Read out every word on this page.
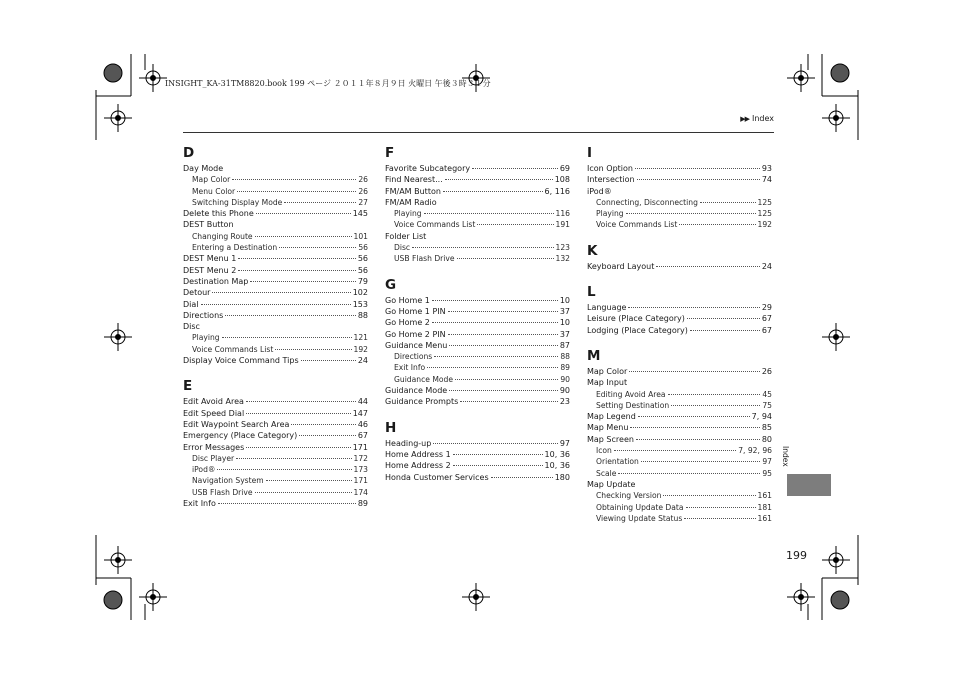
INSIGHT_KA-31TM8820.book 199 ページ ２０１１年８月９日 火曜日 午後３時３１分
▶▶ Index
D
Day Mode
Map Color	26
Menu Color	26
Switching Display Mode	27
Delete this Phone	145
DEST Button
Changing Route	101
Entering a Destination	56
DEST Menu 1	56
DEST Menu 2	56
Destination Map	79
Detour	102
Dial	153
Directions	88
Disc
Playing	121
Voice Commands List	192
Display Voice Command Tips	24
E
Edit Avoid Area	44
Edit Speed Dial	147
Edit Waypoint Search Area	46
Emergency (Place Category)	67
Error Messages	171
Disc Player	172
iPod®	173
Navigation System	171
USB Flash Drive	174
Exit Info	89
F
Favorite Subcategory	69
Find Nearest...	108
FM/AM Button	6, 116
FM/AM Radio
Playing	116
Voice Commands List	191
Folder List
Disc	123
USB Flash Drive	132
G
Go Home 1	10
Go Home 1 PIN	37
Go Home 2	10
Go Home 2 PIN	37
Guidance Menu	87
Directions	88
Exit Info	89
Guidance Mode	90
Guidance Mode	90
Guidance Prompts	23
H
Heading-up	97
Home Address 1	10, 36
Home Address 2	10, 36
Honda Customer Services	180
I
Icon Option	93
Intersection	74
iPod®
Connecting, Disconnecting	125
Playing	125
Voice Commands List	192
K
Keyboard Layout	24
L
Language	29
Leisure (Place Category)	67
Lodging (Place Category)	67
M
Map Color	26
Map Input
Editing Avoid Area	45
Setting Destination	75
Map Legend	7, 94
Map Menu	85
Map Screen	80
Icon	7, 92, 96
Orientation	97
Scale	95
Map Update
Checking Version	161
Obtaining Update Data	181
Viewing Update Status	161
Index
199
